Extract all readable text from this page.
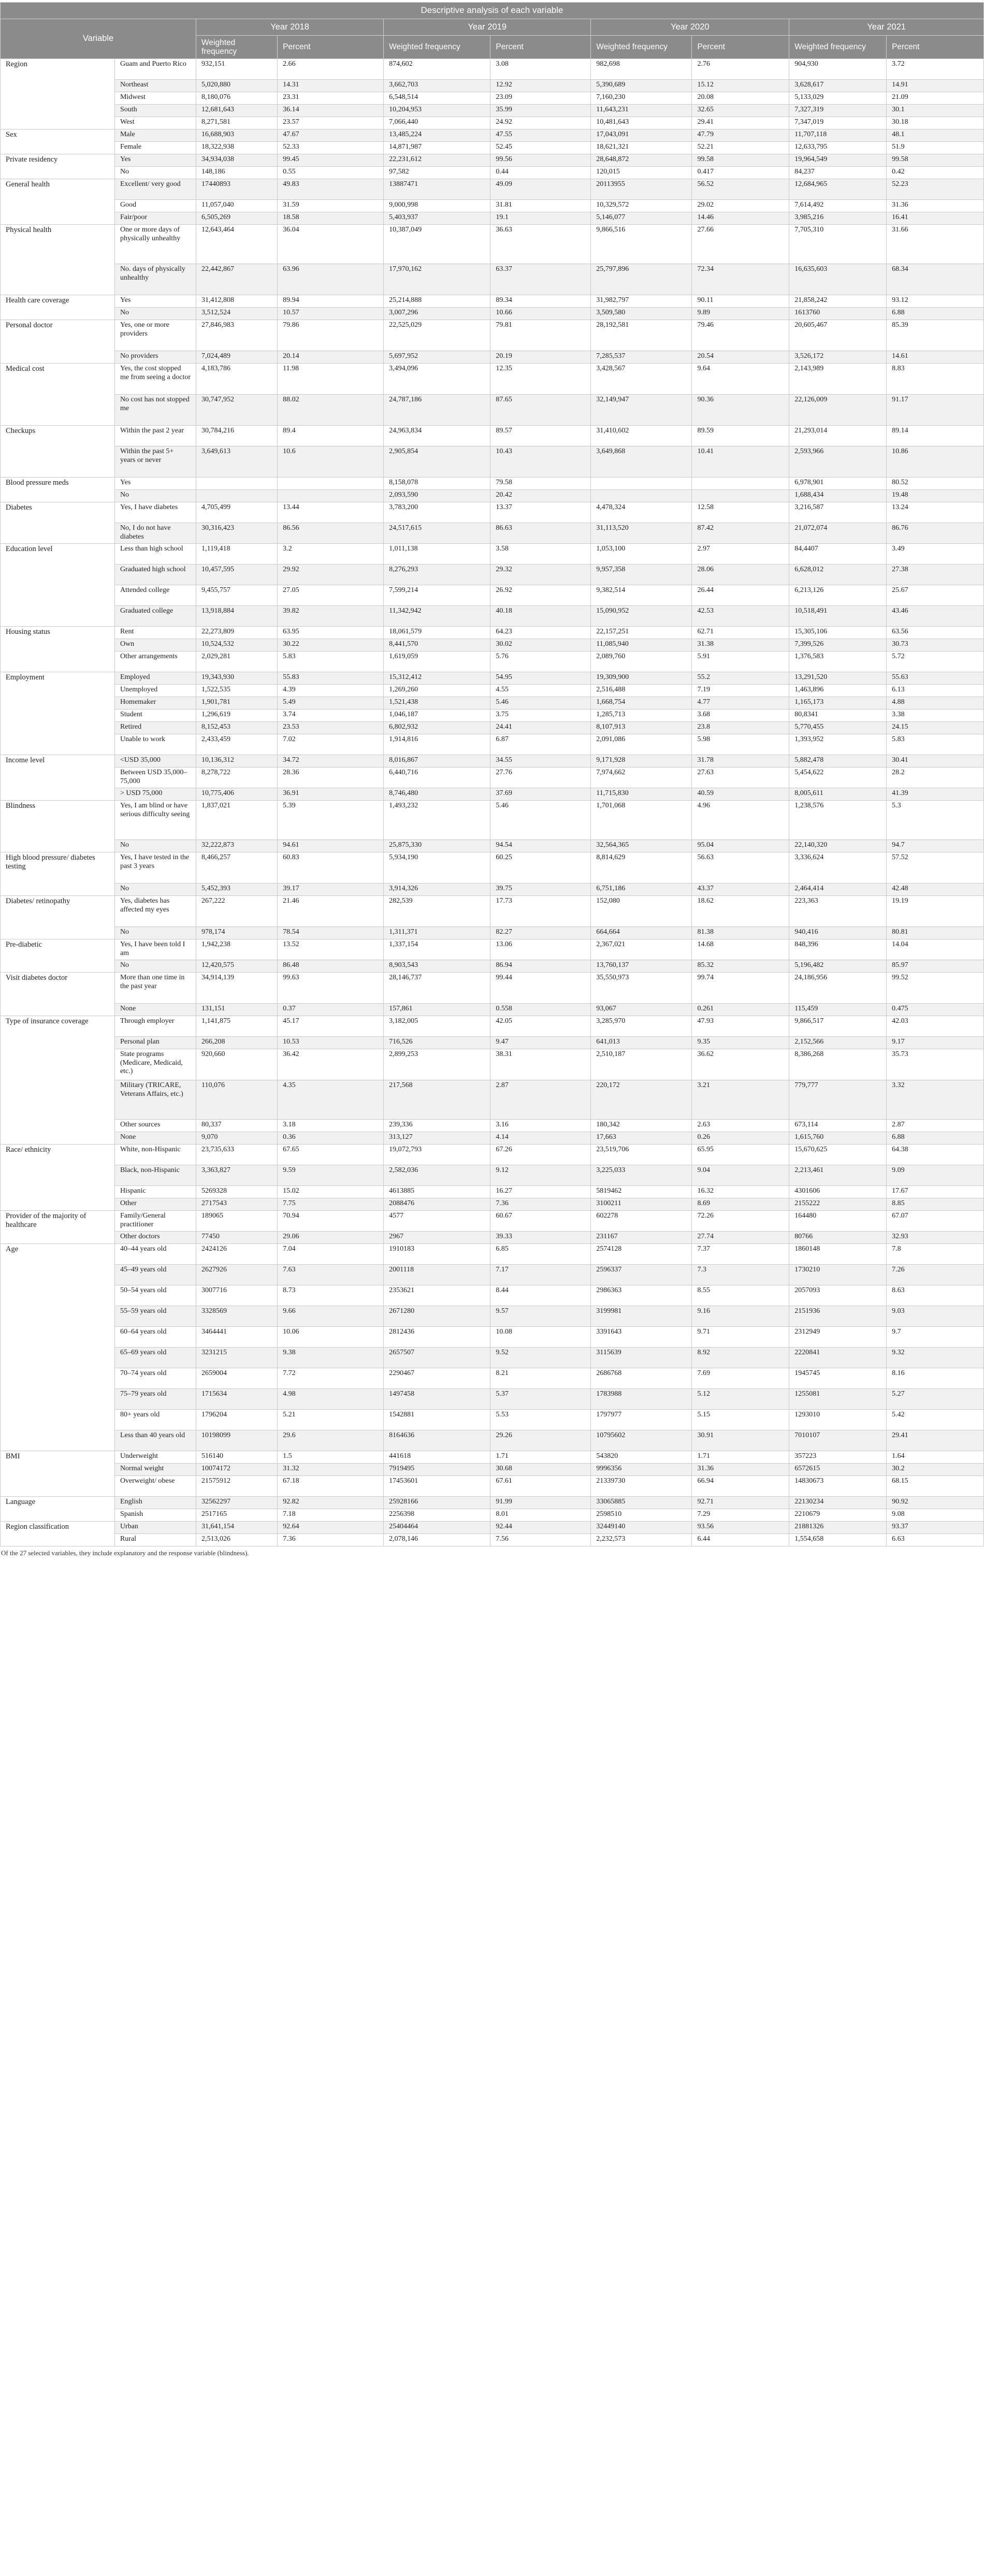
Descriptive analysis of each variable									
Variable		Year 2018		Year 2019		Year 2020		Year 2021	
		Weighted frequency	Percent	Weighted frequency	Percent	Weighted frequency	Percent	Weighted frequency	Percent
Region	Guam and Puerto Rico	932,151	2.66	874,602	3.08	982,698	2.76	904,930	3.72
	Northeast	5,020,880	14.31	3,662,703	12.92	5,390,689	15.12	3,628,617	14.91
	Midwest	8,180,076	23.31	6,548,514	23.09	7,160,230	20.08	5,133,029	21.09
	South	12,681,643	36.14	10,204,953	35.99	11,643,231	32.65	7,327,319	30.1
	West	8,271,581	23.57	7,066,440	24.92	10,481,643	29.41	7,347,019	30.18
Sex	Male	16,688,903	47.67	13,485,224	47.55	17,043,091	47.79	11,707,118	48.1
	Female	18,322,938	52.33	14,871,987	52.45	18,621,321	52.21	12,633,795	51.9
Private residency	Yes	34,934,038	99.45	22,231,612	99.56	28,648,872	99.58	19,964,549	99.58
	No	148,186	0.55	97,582	0.44	120,015	0.417	84,237	0.42
General health	Excellent/ very good	17440893	49.83	13887471	49.09	20113955	56.52	12,684,965	52.23
	Good	11,057,040	31.59	9,000,998	31.81	10,329,572	29.02	7,614,492	31.36
	Fair/poor	6,505,269	18.58	5,403,937	19.1	5,146,077	14.46	3,985,216	16.41
Physical health	One or more days of physically unhealthy	12,643,464	36.04	10,387,049	36.63	9,866,516	27.66	7,705,310	31.66
	No. days of physically unhealthy	22,442,867	63.96	17,970,162	63.37	25,797,896	72.34	16,635,603	68.34
Health care coverage	Yes	31,412,808	89.94	25,214,888	89.34	31,982,797	90.11	21,858,242	93.12
	No	3,512,524	10.57	3,007,296	10.66	3,509,580	9.89	1613760	6.88
Personal doctor	Yes, one or more providers	27,846,983	79.86	22,525,029	79.81	28,192,581	79.46	20,605,467	85.39
	No providers	7,024,489	20.14	5,697,952	20.19	7,285,537	20.54	3,526,172	14.61
Medical cost	Yes, the cost stopped me from seeing a doctor	4,183,786	11.98	3,494,096	12.35	3,428,567	9.64	2,143,989	8.83
	No cost has not stopped me	30,747,952	88.02	24,787,186	87.65	32,149,947	90.36	22,126,009	91.17
Checkups	Within the past 2 year	30,784,216	89.4	24,963,834	89.57	31,410,602	89.59	21,293,014	89.14
	Within the past 5+ years or never	3,649,613	10.6	2,905,854	10.43	3,649,868	10.41	2,593,966	10.86
Blood pressure meds	Yes			8,158,078	79.58			6,978,901	80.52
	No			2,093,590	20.42			1,688,434	19.48
Diabetes	Yes, I have diabetes	4,705,499	13.44	3,783,200	13.37	4,478,324	12.58	3,216,587	13.24
	No, I do not have diabetes	30,316,423	86.56	24,517,615	86.63	31,113,520	87.42	21,072,074	86.76
Education level	Less than high school	1,119,418	3.2	1,011,138	3.58	1,053,100	2.97	84,4407	3.49
	Graduated high school	10,457,595	29.92	8,276,293	29.32	9,957,358	28.06	6,628,012	27.38
	Attended college	9,455,757	27.05	7,599,214	26.92	9,382,514	26.44	6,213,126	25.67
	Graduated college	13,918,884	39.82	11,342,942	40.18	15,090,952	42.53	10,518,491	43.46
Housing status	Rent	22,273,809	63.95	18,061,579	64.23	22,157,251	62.71	15,305,106	63.56
	Own	10,524,532	30.22	8,441,570	30.02	11,085,940	31.38	7,399,526	30.73
	Other arrangements	2,029,281	5.83	1,619,059	5.76	2,089,760	5.91	1,376,583	5.72
Employment	Employed	19,343,930	55.83	15,312,412	54.95	19,309,900	55.2	13,291,520	55.63
	Unemployed	1,522,535	4.39	1,269,260	4.55	2,516,488	7.19	1,463,896	6.13
	Homemaker	1,901,781	5.49	1,521,438	5.46	1,668,754	4.77	1,165,173	4.88
	Student	1,296,619	3.74	1,046,187	3.75	1,285,713	3.68	80,8341	3.38
	Retired	8,152,453	23.53	6,802,932	24.41	8,107,913	23.8	5,770,455	24.15
	Unable to work	2,433,459	7.02	1,914,816	6.87	2,091,086	5.98	1,393,952	5.83
Income level	<USD 35,000	10,136,312	34.72	8,016,867	34.55	9,171,928	31.78	5,882,478	30.41
	Between USD 35,000–75,000	8,278,722	28.36	6,440,716	27.76	7,974,662	27.63	5,454,622	28.2
	> USD 75,000	10,775,406	36.91	8,746,480	37.69	11,715,830	40.59	8,005,611	41.39
Blindness	Yes, I am blind or have serious difficulty seeing	1,837,021	5.39	1,493,232	5.46	1,701,068	4.96	1,238,576	5.3
	No	32,222,873	94.61	25,875,330	94.54	32,564,365	95.04	22,140,320	94.7
High blood pressure/ diabetes testing	Yes, I have tested in the past 3 years	8,466,257	60.83	5,934,190	60.25	8,814,629	56.63	3,336,624	57.52
	No	5,452,393	39.17	3,914,326	39.75	6,751,186	43.37	2,464,414	42.48
Diabetes/ retinopathy	Yes, diabetes has affected my eyes	267,222	21.46	282,539	17.73	152,080	18.62	223,363	19.19
	No	978,174	78.54	1,311,371	82.27	664,664	81.38	940,416	80.81
Pre-diabetic	Yes, I have been told I am	1,942,238	13.52	1,337,154	13.06	2,367,021	14.68	848,396	14.04
	No	12,420,575	86.48	8,903,543	86.94	13,760,137	85.32	5,196,482	85.97
Visit diabetes doctor	More than one time in the past year	34,914,139	99.63	28,146,737	99.44	35,550,973	99.74	24,186,956	99.52
	None	131,151	0.37	157,861	0.558	93,067	0.261	115,459	0.475
Type of insurance coverage	Through employer	1,141,875	45.17	3,182,005	42.05	3,285,970	47.93	9,866,517	42.03
	Personal plan	266,208	10.53	716,526	9.47	641,013	9.35	2,152,566	9.17
	State programs (Medicare, Medicaid, etc.)	920,660	36.42	2,899,253	38.31	2,510,187	36.62	8,386,268	35.73
	Military (TRICARE, Veterans Affairs, etc.)	110,076	4.35	217,568	2.87	220,172	3.21	779,777	3.32
	Other sources	80,337	3.18	239,336	3.16	180,342	2.63	673,114	2.87
	None	9,070	0.36	313,127	4.14	17,663	0.26	1,615,760	6.88
Race/ ethnicity	White, non-Hispanic	23,735,633	67.65	19,072,793	67.26	23,519,706	65.95	15,670,625	64.38
	Black, non-Hispanic	3,363,827	9.59	2,582,036	9.12	3,225,033	9.04	2,213,461	9.09
	Hispanic	5269328	15.02	4613885	16.27	5819462	16.32	4301606	17.67
	Other	2717543	7.75	2088476	7.36	3100211	8.69	2155222	8.85
Provider of the majority of healthcare	Family/General practitioner	189065	70.94	4577	60.67	602278	72.26	164480	67.07
	Other doctors	77450	29.06	2967	39.33	231167	27.74	80766	32.93
Age	40–44 years old	2424126	7.04	1910183	6.85	2574128	7.37	1860148	7.8
	45–49 years old	2627926	7.63	2001118	7.17	2596337	7.3	1730210	7.26
	50–54 years old	3007716	8.73	2353621	8.44	2986363	8.55	2057093	8.63
	55–59 years old	3328569	9.66	2671280	9.57	3199981	9.16	2151936	9.03
	60–64 years old	3464441	10.06	2812436	10.08	3391643	9.71	2312949	9.7
	65–69 years old	3231215	9.38	2657507	9.52	3115639	8.92	2220841	9.32
	70–74 years old	2659004	7.72	2290467	8.21	2686768	7.69	1945745	8.16
	75–79 years old	1715634	4.98	1497458	5.37	1783988	5.12	1255081	5.27
	80+ years old	1796204	5.21	1542881	5.53	1797977	5.15	1293010	5.42
	Less than 40 years old	10198099	29.6	8164636	29.26	10795602	30.91	7010107	29.41
BMI	Underweight	516140	1.5	441618	1.71	543820	1.71	357223	1.64
	Normal weight	10074172	31.32	7919495	30.68	9996356	31.36	6572615	30.2
	Overweight/ obese	21575912	67.18	17453601	67.61	21339730	66.94	14830673	68.15
Language	English	32562297	92.82	25928166	91.99	33065885	92.71	22130234	90.92
	Spanish	2517165	7.18	2256398	8.01	2598510	7.29	2210679	9.08
Region classification	Urban	31,641,154	92.64	25404464	92.44	32449140	93.56	21881326	93.37
	Rural	2,513,026	7.36	2,078,146	7.56	2,232,573	6.44	1,554,658	6.63
Of the 27 selected variables, they include explanatory and the response variable (blindness).
